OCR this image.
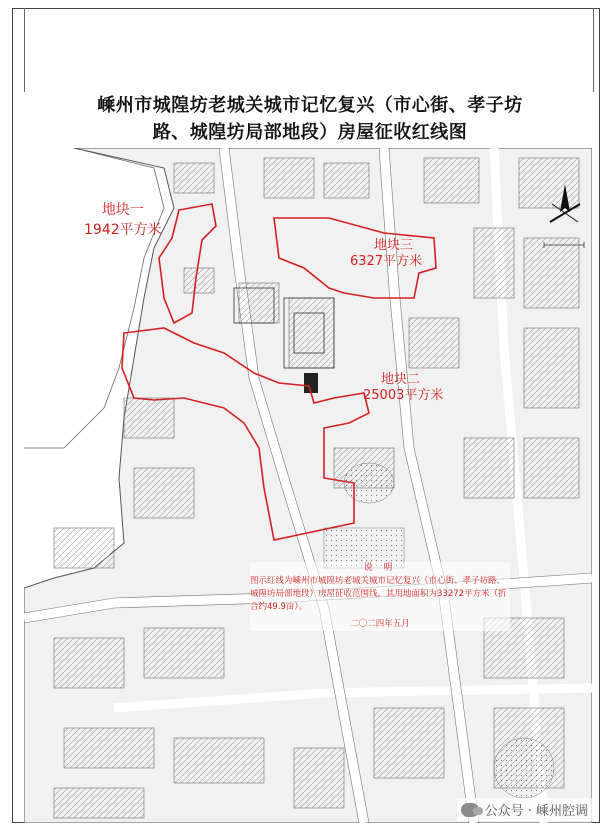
嵊州市城隍坊老城关城市记忆复兴（市心街、孝子坊
路、城隍坊局部地段）房屋征收红线图
地块一
1942平方米
地块三
6327平方米
地块二
25003平方米
说 明
图示红线为嵊州市城隍坊老城关城市记忆复兴（市心街、孝子坊路、城隍坊局部地段）房屋征收范围线，其用地面积为33272平方米（折合约49.9亩）。
二〇二四年五月
公众号 · 嵊州腔调
